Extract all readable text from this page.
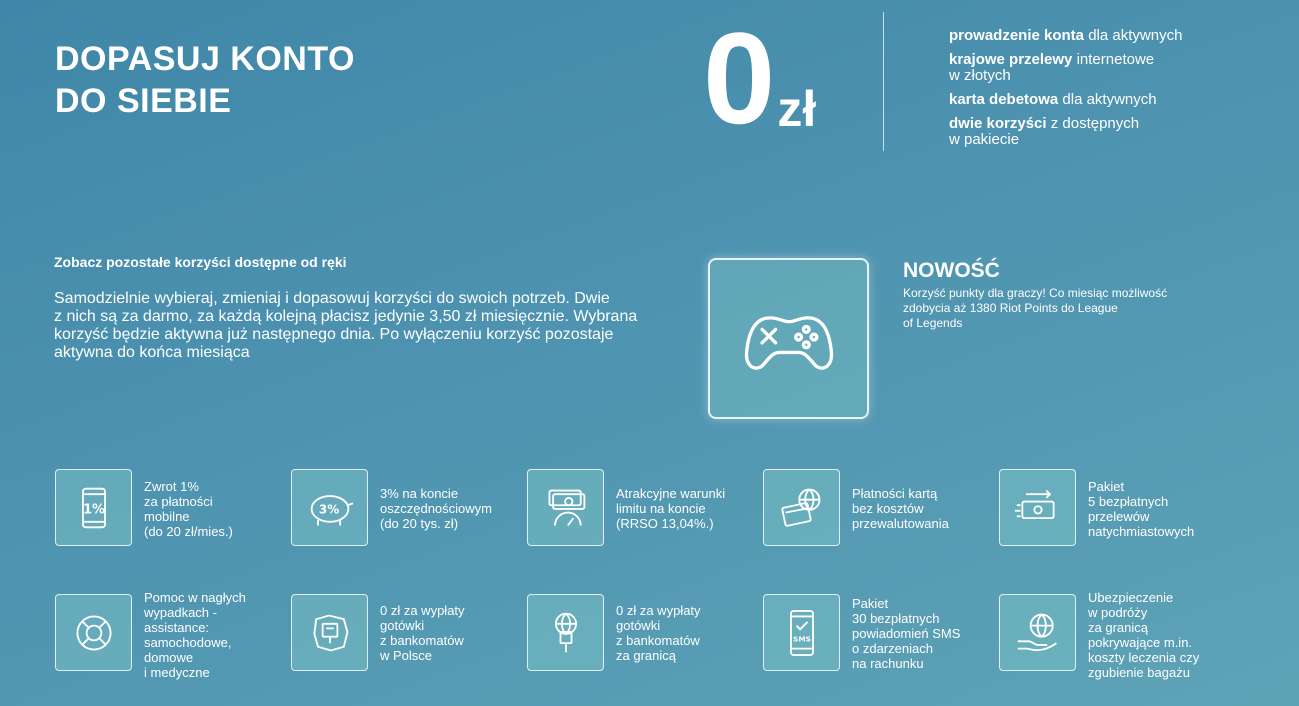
DOPASUJ KONTO
DO SIEBIE	0 zł
prowadzenie konta dla aktywnych
krajowe przelewy internetowe
w złotych
karta debetowa dla aktywnych
dwie korzyści z dostępnych
w pakiecie
Zobacz pozostałe korzyści dostępne od ręki
Samodzielnie wybieraj, zmieniaj i dopasowuj korzyści do swoich potrzeb. Dwie
z nich są za darmo, za każdą kolejną płacisz jedynie 3,50 zł miesięcznie. Wybrana
korzyść będzie aktywna już następnego dnia. Po wyłączeniu korzyść pozostaje
aktywna do końca miesiąca
NOWOŚĆ
Korzyść punkty dla graczy! Co miesiąc możliwość
zdobycia aż 1380 Riot Points do League
of Legends
1%
Zwrot 1%
za płatności
mobilne
(do 20 zł/mies.)
3%
3% na koncie
oszczędnościowym
(do 20 tys. zł)
Atrakcyjne warunki
limitu na koncie
(RRSO 13,04%.)
Płatności kartą
bez kosztów
przewalutowania
Pakiet
5 bezpłatnych
przelewów
natychmiastowych
Pomoc w nagłych
wypadkach -
assistance:
samochodowe,
domowe
i medyczne
0 zł za wypłaty
gotówki
z bankomatów
w Polsce
0 zł za wypłaty
gotówki
z bankomatów
za granicą
SMS
Pakiet
30 bezpłatnych
powiadomień SMS
o zdarzeniach
na rachunku
Ubezpieczenie
w podróży
za granicą
pokrywające m.in.
koszty leczenia czy
zgubienie bagażu
